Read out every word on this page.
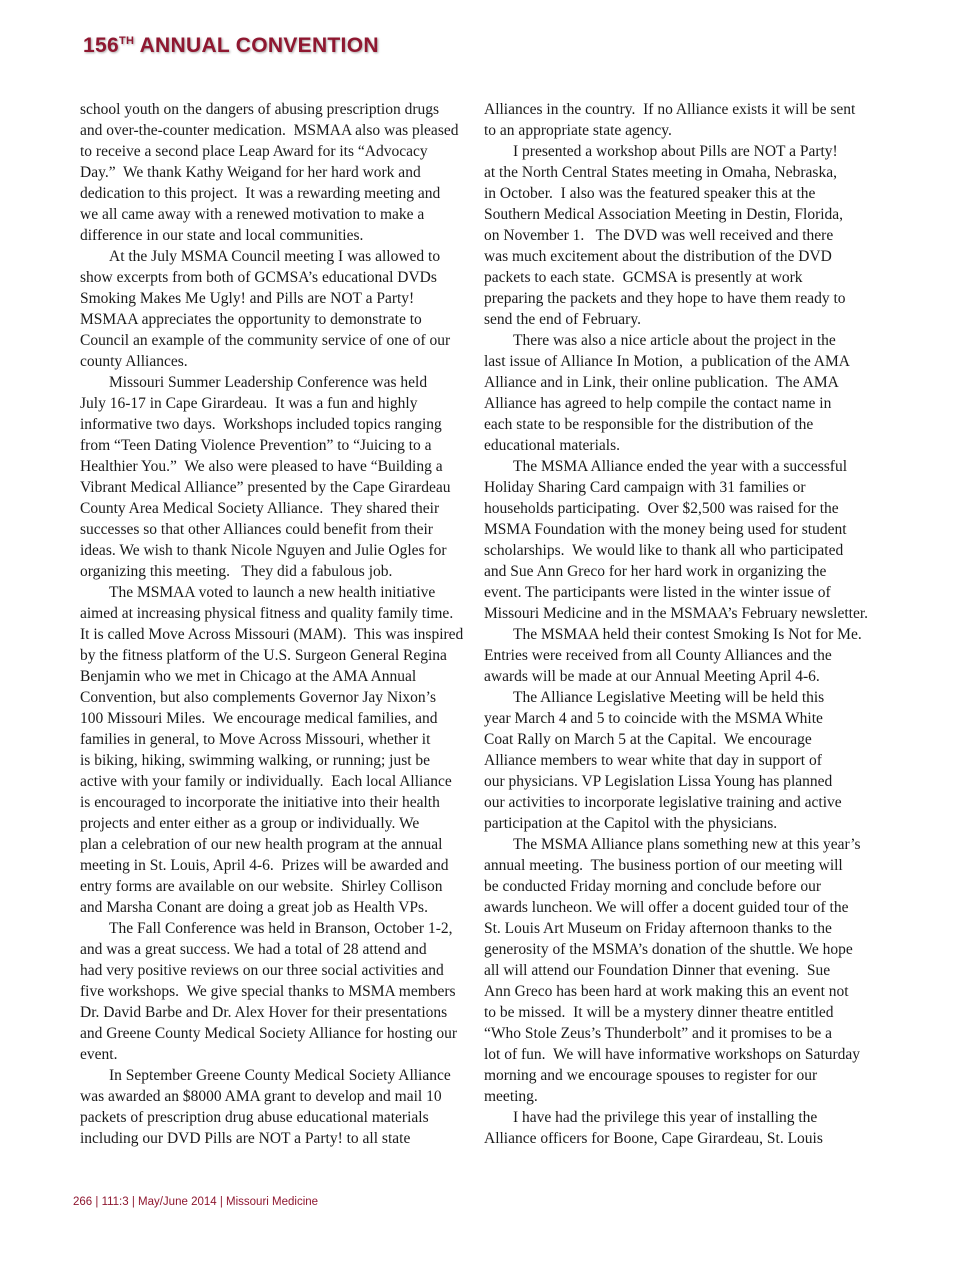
156TH ANNUAL CONVENTION

school youth on the dangers of abusing prescription drugs
and over-the-counter medication.  MSMAA also was pleased
to receive a second place Leap Award for its “Advocacy
Day.”  We thank Kathy Weigand for her hard work and
dedication to this project.  It was a rewarding meeting and
we all came away with a renewed motivation to make a
difference in our state and local communities.

At the July MSMA Council meeting I was allowed to
show excerpts from both of GCMSA’s educational DVDs
Smoking Makes Me Ugly! and Pills are NOT a Party!
MSMAA appreciates the opportunity to demonstrate to
Council an example of the community service of one of our
county Alliances.

Missouri Summer Leadership Conference was held
July 16-17 in Cape Girardeau.  It was a fun and highly
informative two days.  Workshops included topics ranging
from “Teen Dating Violence Prevention” to “Juicing to a
Healthier You.”  We also were pleased to have “Building a
Vibrant Medical Alliance” presented by the Cape Girardeau
County Area Medical Society Alliance.  They shared their
successes so that other Alliances could benefit from their
ideas. We wish to thank Nicole Nguyen and Julie Ogles for
organizing this meeting.   They did a fabulous job.

The MSMAA voted to launch a new health initiative
aimed at increasing physical fitness and quality family time.
It is called Move Across Missouri (MAM).  This was inspired
by the fitness platform of the U.S. Surgeon General Regina
Benjamin who we met in Chicago at the AMA Annual
Convention, but also complements Governor Jay Nixon’s
100 Missouri Miles.  We encourage medical families, and
families in general, to Move Across Missouri, whether it
is biking, hiking, swimming walking, or running; just be
active with your family or individually.  Each local Alliance
is encouraged to incorporate the initiative into their health
projects and enter either as a group or individually. We
plan a celebration of our new health program at the annual
meeting in St. Louis, April 4-6.  Prizes will be awarded and
entry forms are available on our website.  Shirley Collison
and Marsha Conant are doing a great job as Health VPs.

The Fall Conference was held in Branson, October 1-2,
and was a great success. We had a total of 28 attend and
had very positive reviews on our three social activities and
five workshops.  We give special thanks to MSMA members
Dr. David Barbe and Dr. Alex Hover for their presentations
and Greene County Medical Society Alliance for hosting our
event.

In September Greene County Medical Society Alliance
was awarded an $8000 AMA grant to develop and mail 10
packets of prescription drug abuse educational materials
including our DVD Pills are NOT a Party! to all state

Alliances in the country.  If no Alliance exists it will be sent
to an appropriate state agency.

I presented a workshop about Pills are NOT a Party!
at the North Central States meeting in Omaha, Nebraska,
in October.  I also was the featured speaker this at the
Southern Medical Association Meeting in Destin, Florida,
on November 1.   The DVD was well received and there
was much excitement about the distribution of the DVD
packets to each state.  GCMSA is presently at work
preparing the packets and they hope to have them ready to
send the end of February.

There was also a nice article about the project in the
last issue of Alliance In Motion,  a publication of the AMA
Alliance and in Link, their online publication.  The AMA
Alliance has agreed to help compile the contact name in
each state to be responsible for the distribution of the
educational materials.

The MSMA Alliance ended the year with a successful
Holiday Sharing Card campaign with 31 families or
households participating.  Over $2,500 was raised for the
MSMA Foundation with the money being used for student
scholarships.  We would like to thank all who participated
and Sue Ann Greco for her hard work in organizing the
event. The participants were listed in the winter issue of
Missouri Medicine and in the MSMAA’s February newsletter.

The MSMAA held their contest Smoking Is Not for Me.
Entries were received from all County Alliances and the
awards will be made at our Annual Meeting April 4-6.

The Alliance Legislative Meeting will be held this
year March 4 and 5 to coincide with the MSMA White
Coat Rally on March 5 at the Capital.  We encourage
Alliance members to wear white that day in support of
our physicians. VP Legislation Lissa Young has planned
our activities to incorporate legislative training and active
participation at the Capitol with the physicians.

The MSMA Alliance plans something new at this year’s
annual meeting.  The business portion of our meeting will
be conducted Friday morning and conclude before our
awards luncheon. We will offer a docent guided tour of the
St. Louis Art Museum on Friday afternoon thanks to the
generosity of the MSMA’s donation of the shuttle. We hope
all will attend our Foundation Dinner that evening.  Sue
Ann Greco has been hard at work making this an event not
to be missed.  It will be a mystery dinner theatre entitled
“Who Stole Zeus’s Thunderbolt” and it promises to be a
lot of fun.  We will have informative workshops on Saturday
morning and we encourage spouses to register for our
meeting.

I have had the privilege this year of installing the
Alliance officers for Boone, Cape Girardeau, St. Louis

266 | 111:3 | May/June 2014 | Missouri Medicine
